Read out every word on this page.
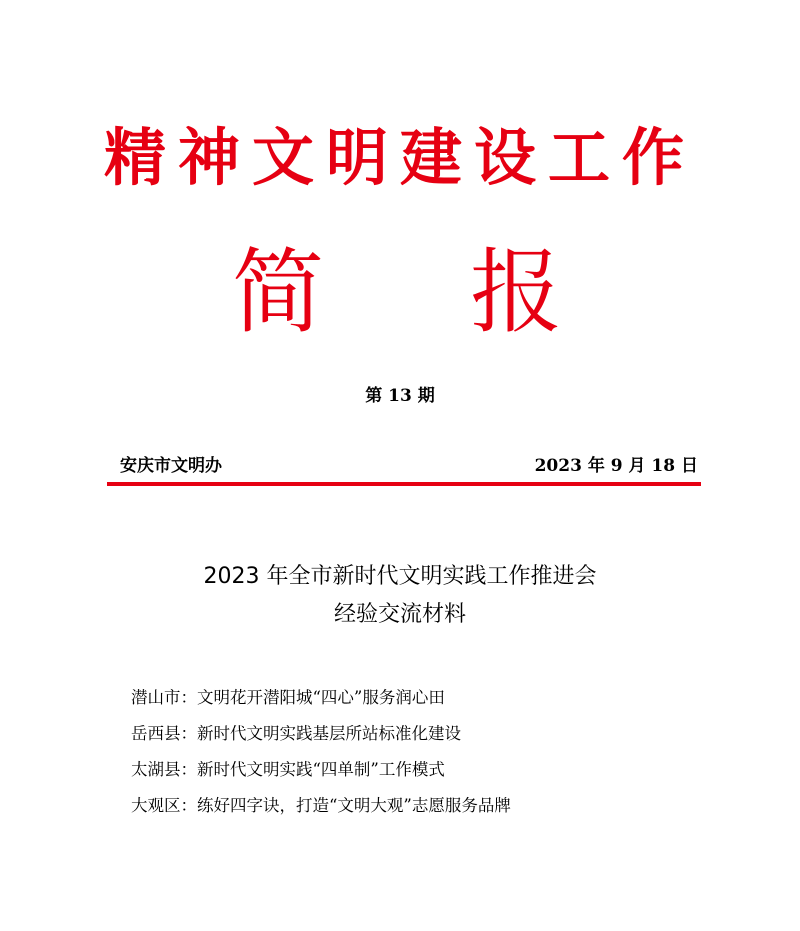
精神文明建设工作
简 报
第 13 期
安庆市文明办	2023 年 9 月 18 日
2023 年全市新时代文明实践工作推进会
经验交流材料
潜山市：文明花开潜阳城“四心”服务润心田
岳西县：新时代文明实践基层所站标准化建设
太湖县：新时代文明实践“四单制”工作模式
大观区：练好四字诀，打造“文明大观”志愿服务品牌
